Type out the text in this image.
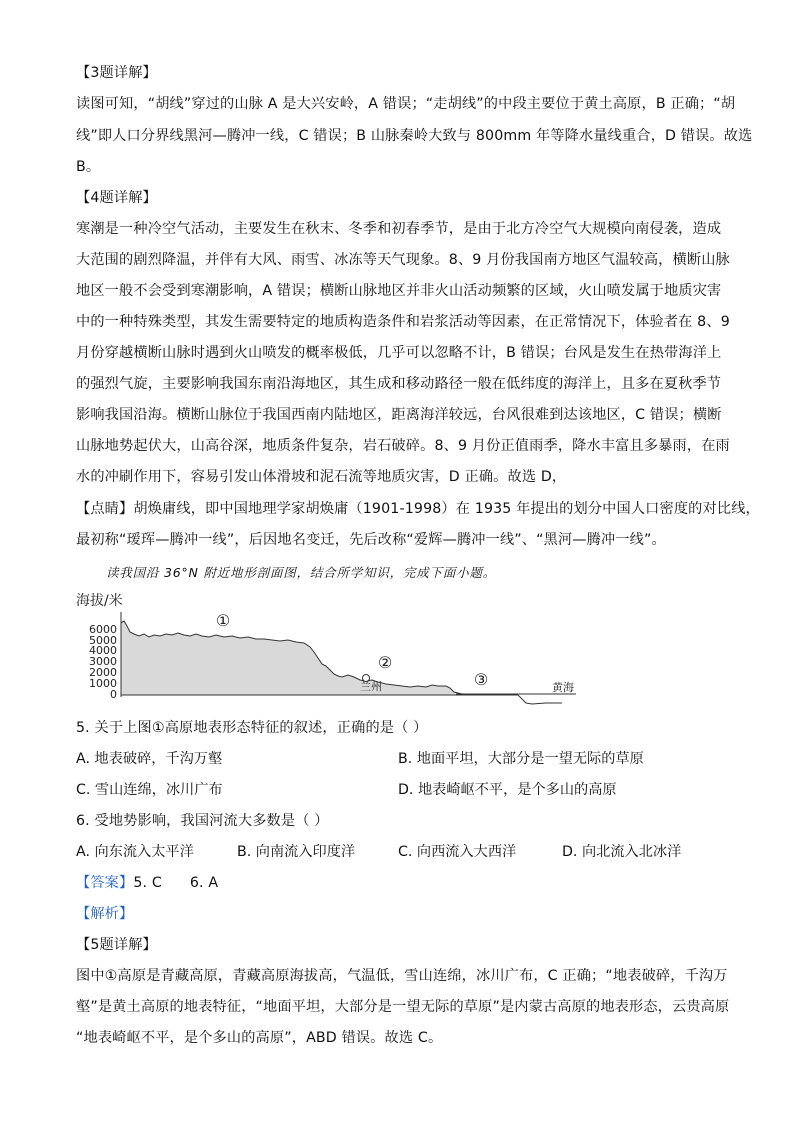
【3题详解】
读图可知，“胡线”穿过的山脉 A 是大兴安岭，A 错误；“走胡线”的中段主要位于黄土高原，B 正确；“胡
线”即人口分界线黑河—腾冲一线，C 错误；B 山脉秦岭大致与 800mm 年等降水量线重合，D 错误。故选
B。
【4题详解】
寒潮是一种冷空气活动，主要发生在秋末、冬季和初春季节，是由于北方冷空气大规模向南侵袭，造成
大范围的剧烈降温，并伴有大风、雨雪、冰冻等天气现象。8、9 月份我国南方地区气温较高，横断山脉
地区一般不会受到寒潮影响，A 错误；横断山脉地区并非火山活动频繁的区域，火山喷发属于地质灾害
中的一种特殊类型，其发生需要特定的地质构造条件和岩浆活动等因素，在正常情况下，体验者在 8、9
月份穿越横断山脉时遇到火山喷发的概率极低，几乎可以忽略不计，B 错误；台风是发生在热带海洋上
的强烈气旋，主要影响我国东南沿海地区，其生成和移动路径一般在低纬度的海洋上，且多在夏秋季节
影响我国沿海。横断山脉位于我国西南内陆地区，距离海洋较远，台风很难到达该地区，C 错误；横断
山脉地势起伏大，山高谷深，地质条件复杂，岩石破碎。8、9 月份正值雨季，降水丰富且多暴雨，在雨
水的冲刷作用下，容易引发山体滑坡和泥石流等地质灾害，D 正确。故选 D，
【点睛】胡焕庸线，即中国地理学家胡焕庸（1901-1998）在 1935 年提出的划分中国人口密度的对比线，
最初称“瑷珲—腾冲一线”，后因地名变迁，先后改称“爱辉—腾冲一线”、“黑河—腾冲一线”。
读我国沿 36°N 附近地形剖面图，结合所学知识，完成下面小题。
海拔/米
6000
5000
4000
3000
2000
1000
0
①
②
③
兰州	黄海
5. 关于上图①高原地表形态特征的叙述，正确的是（ ）
A. 地表破碎，千沟万壑	B. 地面平坦，大部分是一望无际的草原
C. 雪山连绵，冰川广布	D. 地表崎岖不平，是个多山的高原
6. 受地势影响，我国河流大多数是（ ）
A. 向东流入太平洋	B. 向南流入印度洋	C. 向西流入大西洋	D. 向北流入北冰洋
【答案】5. C      6. A
【解析】
【5题详解】
图中①高原是青藏高原，青藏高原海拔高，气温低，雪山连绵，冰川广布，C 正确；“地表破碎，千沟万
壑”是黄土高原的地表特征，“地面平坦，大部分是一望无际的草原”是内蒙古高原的地表形态，云贵高原
“地表崎岖不平，是个多山的高原”，ABD 错误。故选 C。
